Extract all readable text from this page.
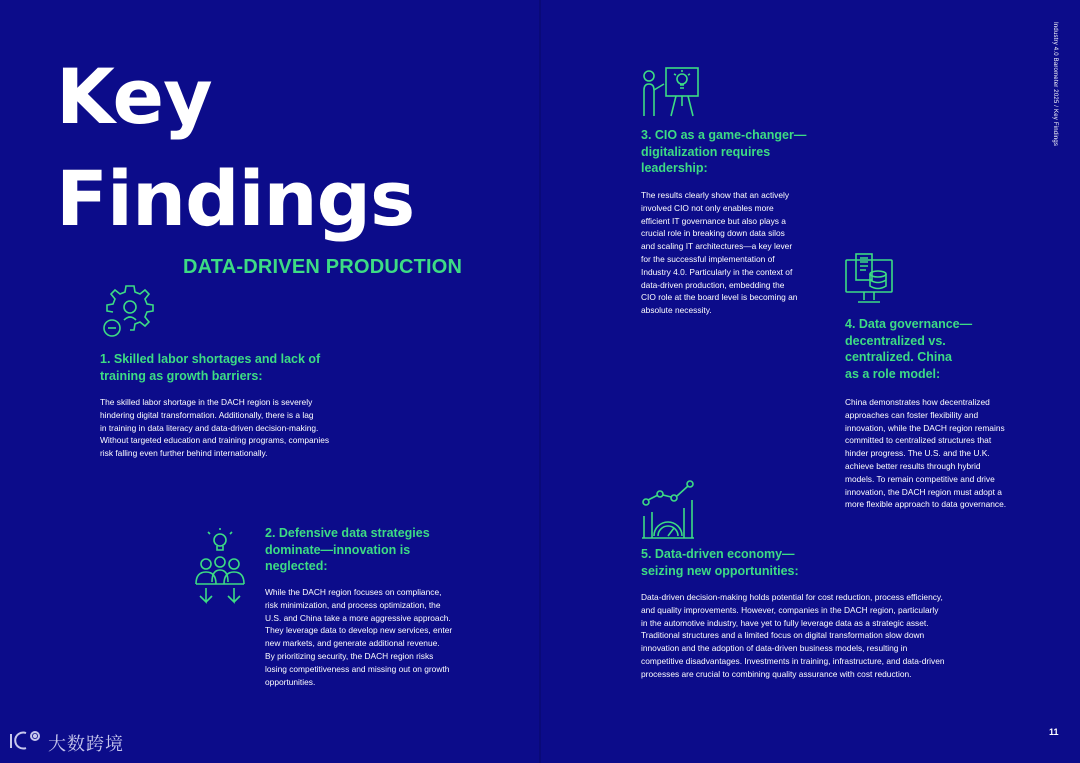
Key
Findings
DATA-DRIVEN PRODUCTION
1. Skilled labor shortages and lack of
training as growth barriers:
The skilled labor shortage in the DACH region is severely
hindering digital transformation. Additionally, there is a lag
in training in data literacy and data-driven decision-making.
Without targeted education and training programs, companies
risk falling even further behind internationally.
2. Defensive data strategies
dominate—innovation is
neglected:
While the DACH region focuses on compliance,
risk minimization, and process optimization, the
U.S. and China take a more aggressive approach.
They leverage data to develop new services, enter
new markets, and generate additional revenue.
By prioritizing security, the DACH region risks
losing competitiveness and missing out on growth
opportunities.
3. CIO as a game-changer—
digitalization requires
leadership:
The results clearly show that an actively
involved CIO not only enables more
efficient IT governance but also plays a
crucial role in breaking down data silos
and scaling IT architectures—a key lever
for the successful implementation of
Industry 4.0. Particularly in the context of
data-driven production, embedding the
CIO role at the board level is becoming an
absolute necessity.
4. Data governance—
decentralized vs.
centralized. China
as a role model:
China demonstrates how decentralized
approaches can foster flexibility and
innovation, while the DACH region remains
committed to centralized structures that
hinder progress. The U.S. and the U.K.
achieve better results through hybrid
models. To remain competitive and drive
innovation, the DACH region must adopt a
more flexible approach to data governance.
5. Data-driven economy—
seizing new opportunities:
Data-driven decision-making holds potential for cost reduction, process efficiency,
and quality improvements. However, companies in the DACH region, particularly
in the automotive industry, have yet to fully leverage data as a strategic asset.
Traditional structures and a limited focus on digital transformation slow down
innovation and the adoption of data-driven business models, resulting in
competitive disadvantages. Investments in training, infrastructure, and data-driven
processes are crucial to combining quality assurance with cost reduction.
Industry 4.0 Barometer 2025 / Key Findings
11
大数跨境
